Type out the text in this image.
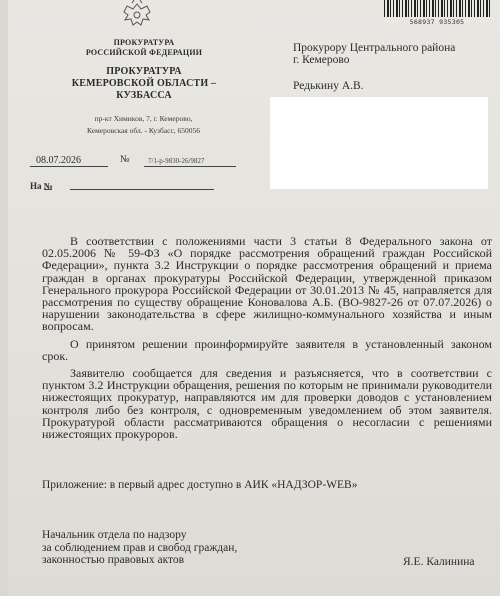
568937 935305
ПРОКУРАТУРА
РОССИЙСКОЙ ФЕДЕРАЦИИ
ПРОКУРАТУРА
КЕМЕРОВСКОЙ ОБЛАСТИ –
КУЗБАССА
пр-кт Химиков, 7, г. Кемерово,
Кемеровская обл. - Кузбасс, 650056
08.07.2026	№	7/1-р-9830-26/9827
На №
Прокурору Центрального района
г. Кемерово
Редькину А.В.

В соответствии с положениями части 3 статьи 8 Федерального закона от 02.05.2006 № 59-ФЗ «О порядке рассмотрения обращений граждан Российской Федерации», пункта 3.2 Инструкции о порядке рассмотрения обращений и приема граждан в органах прокуратуры Российской Федерации, утвержденной приказом Генерального прокурора Российской Федерации от 30.01.2013 № 45, направляется для рассмотрения по существу обращение Коновалова А.Б. (ВО-9827-26 от 07.07.2026) о нарушении законодательства в сфере жилищно-коммунального хозяйства и иным вопросам.

О принятом решении проинформируйте заявителя в установленный законом срок.

Заявителю сообщается для сведения и разъясняется, что в соответствии с пунктом 3.2 Инструкции обращения, решения по которым не принимали руководители нижестоящих прокуратур, направляются им для проверки доводов с установлением контроля либо без контроля, с одновременным уведомлением об этом заявителя. Прокуратурой области рассматриваются обращения о несогласии с решениями нижестоящих прокуроров.

Приложение: в первый адрес доступно в АИК «НАДЗОР-WEB»
Начальник отдела по надзору
за соблюдением прав и свобод граждан,
законностью правовых актов	Я.Е. Калинина
